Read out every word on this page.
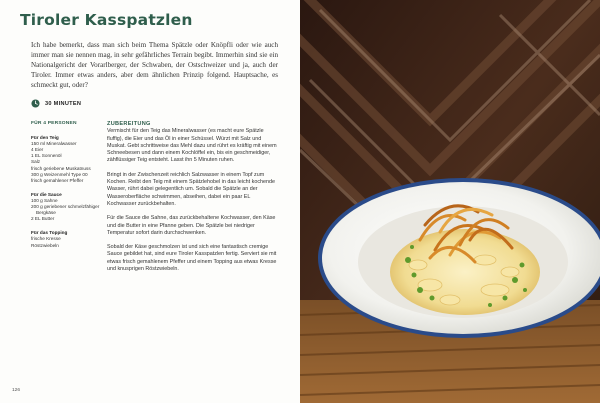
Tiroler Kasspatzlen

Ich habe bemerkt, dass man sich beim Thema Spätzle oder Knöpfli oder wie auch immer man sie nennen mag, in sehr gefährliches Terrain begibt. Immerhin sind sie ein Nationalgericht der Vorarlberger, der Schwaben, der Ostschweizer und ja, auch der Tiroler. Immer etwas anders, aber dem ähnlichen Prinzip folgend. Hauptsache, es schmeckt gut, oder?

30 MINUTEN
FÜR 4 PERSONEN
Für den Teig
150 ml Mineralwasser
4 Eier
1 EL Sonnenöl
Salz
frisch geriebene Muskatnuss
300 g Weizenmehl Type 00
frisch gemahlener Pfeffer
Für die Sauce
100 g Sahne
200 g geriebener schmelzfähiger
Bergkäse
2 EL Butter
Für das Topping
frische Kresse
Röstzwiebeln
ZUBEREITUNG

Vermischt für den Teig das Mineralwasser (es macht eure Spätzle fluffig), die Eier und das Öl in einer Schüssel. Würzt mit Salz und Muskat. Gebt schrittweise das Mehl dazu und rührt es kräftig mit einem Schneebesen und dann einem Kochlöffel ein, bis ein geschmeidiger, zähflüssiger Teig entsteht. Lasst ihn 5 Minuten ruhen.

Bringt in der Zwischenzeit reichlich Salzwasser in einem Topf zum Kochen. Reibt den Teig mit einem Spätzlehobel in das leicht kochende Wasser, rührt dabei gelegentlich um. Sobald die Spätzle an der Wasseroberfläche schwimmen, abseihen, dabei ein paar EL Kochwasser zurückbehalten.

Für die Sauce die Sahne, das zurückbehaltene Kochwasser, den Käse und die Butter in eine Pfanne geben. Die Spätzle bei niedriger Temperatur sofort darin durchschwenken.

Sobald der Käse geschmolzen ist und sich eine fantastisch cremige Sauce gebildet hat, sind eure Tiroler Kasspatzlen fertig. Serviert sie mit etwas frisch gemahlenem Pfeffer und einem Topping aus etwas Kresse und knusprigen Röstzwiebeln.

126
